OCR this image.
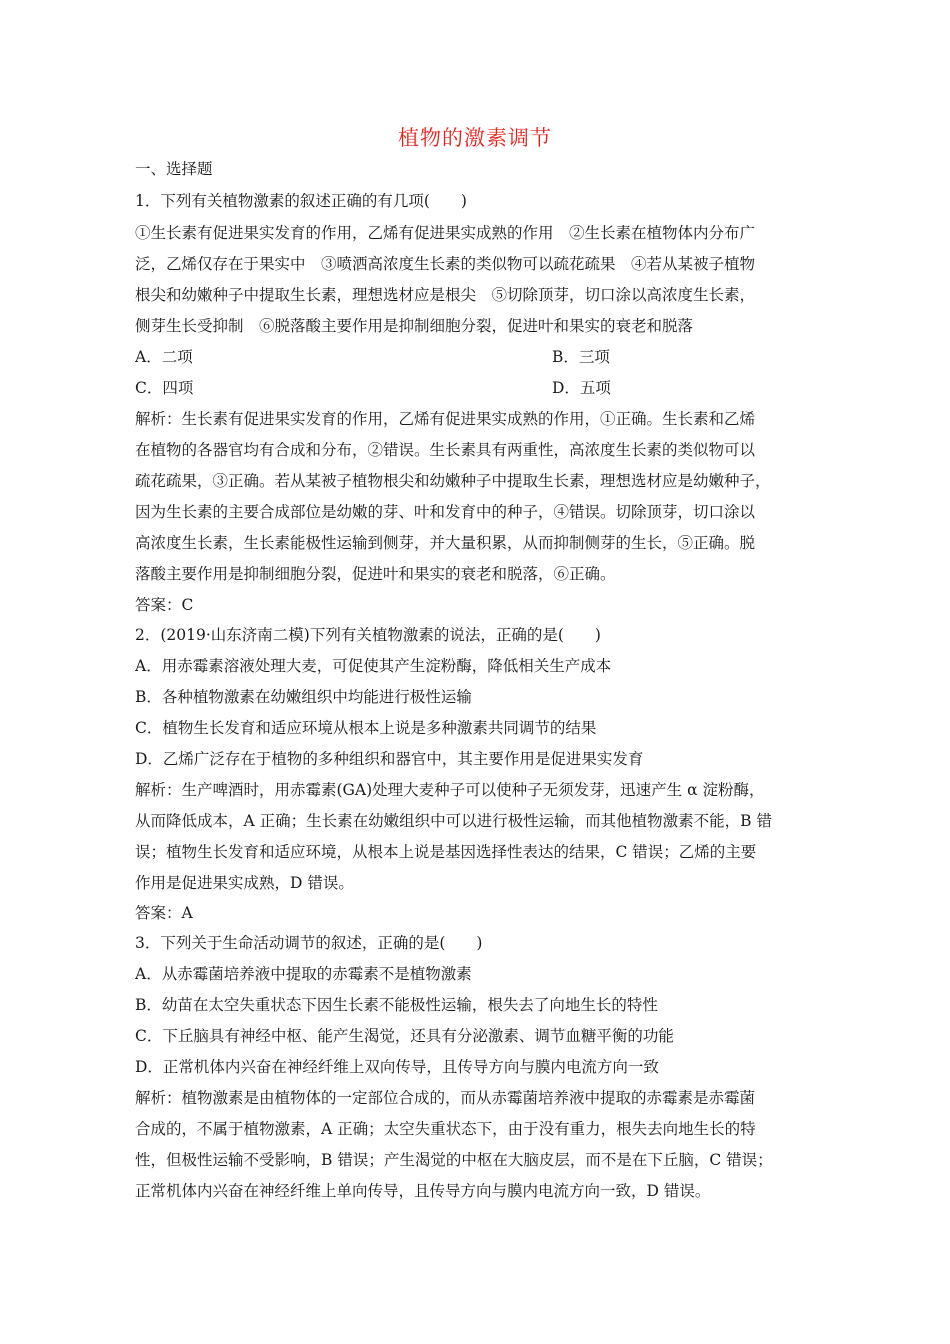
植物的激素调节
一、选择题
1．下列有关植物激素的叙述正确的有几项(　　)
①生长素有促进果实发育的作用，乙烯有促进果实成熟的作用　②生长素在植物体内分布广
泛，乙烯仅存在于果实中　③喷洒高浓度生长素的类似物可以疏花疏果　④若从某被子植物
根尖和幼嫩种子中提取生长素，理想选材应是根尖　⑤切除顶芽，切口涂以高浓度生长素，
侧芽生长受抑制　⑥脱落酸主要作用是抑制细胞分裂，促进叶和果实的衰老和脱落
A．二项	B．三项
C．四项	D．五项
解析：生长素有促进果实发育的作用，乙烯有促进果实成熟的作用，①正确。生长素和乙烯
在植物的各器官均有合成和分布，②错误。生长素具有两重性，高浓度生长素的类似物可以
疏花疏果，③正确。若从某被子植物根尖和幼嫩种子中提取生长素，理想选材应是幼嫩种子，
因为生长素的主要合成部位是幼嫩的芽、叶和发育中的种子，④错误。切除顶芽，切口涂以
高浓度生长素，生长素能极性运输到侧芽，并大量积累，从而抑制侧芽的生长，⑤正确。脱
落酸主要作用是抑制细胞分裂，促进叶和果实的衰老和脱落，⑥正确。
答案：C
2．(2019·山东济南二模)下列有关植物激素的说法，正确的是(　　)
A．用赤霉素溶液处理大麦，可促使其产生淀粉酶，降低相关生产成本
B．各种植物激素在幼嫩组织中均能进行极性运输
C．植物生长发育和适应环境从根本上说是多种激素共同调节的结果
D．乙烯广泛存在于植物的多种组织和器官中，其主要作用是促进果实发育
解析：生产啤酒时，用赤霉素(GA)处理大麦种子可以使种子无须发芽，迅速产生 α 淀粉酶，
从而降低成本，A 正确；生长素在幼嫩组织中可以进行极性运输，而其他植物激素不能，B 错
误；植物生长发育和适应环境，从根本上说是基因选择性表达的结果，C 错误；乙烯的主要
作用是促进果实成熟，D 错误。
答案：A
3．下列关于生命活动调节的叙述，正确的是(　　)
A．从赤霉菌培养液中提取的赤霉素不是植物激素
B．幼苗在太空失重状态下因生长素不能极性运输，根失去了向地生长的特性
C．下丘脑具有神经中枢、能产生渴觉，还具有分泌激素、调节血糖平衡的功能
D．正常机体内兴奋在神经纤维上双向传导，且传导方向与膜内电流方向一致
解析：植物激素是由植物体的一定部位合成的，而从赤霉菌培养液中提取的赤霉素是赤霉菌
合成的，不属于植物激素，A 正确；太空失重状态下，由于没有重力，根失去向地生长的特
性，但极性运输不受影响，B 错误；产生渴觉的中枢在大脑皮层，而不是在下丘脑，C 错误；
正常机体内兴奋在神经纤维上单向传导，且传导方向与膜内电流方向一致，D 错误。
